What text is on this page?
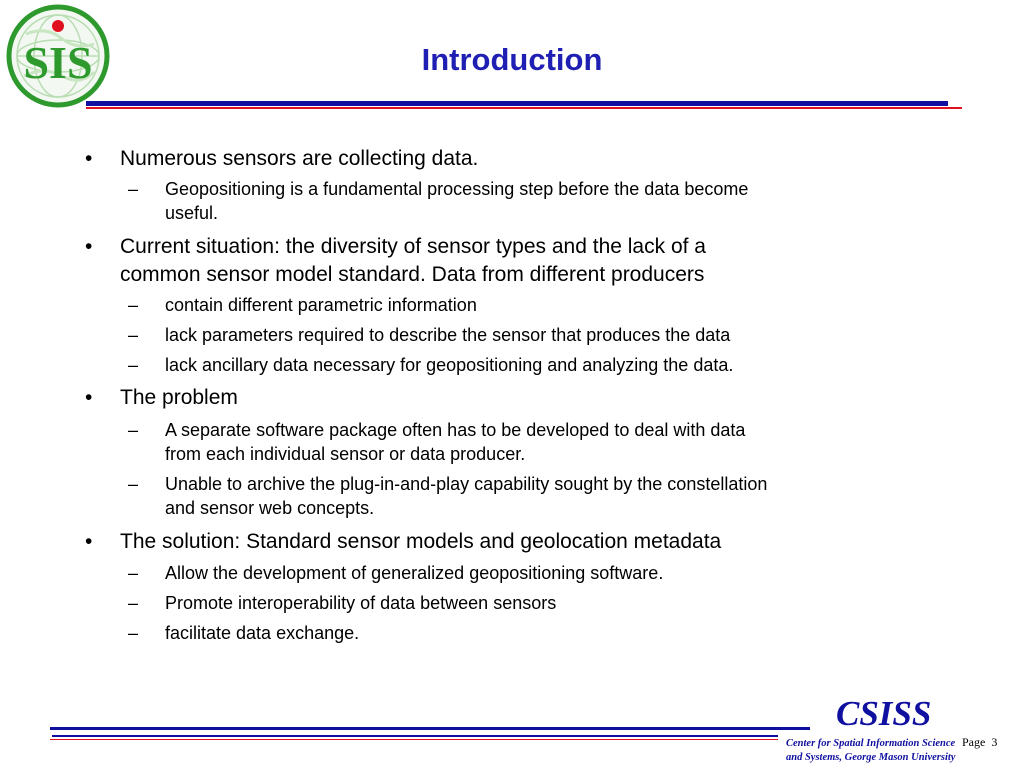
SIS	Introduction
• Numerous sensors are collecting data.
– Geopositioning is a fundamental processing step before the data become
useful.
• Current situation: the diversity of sensor types and the lack of a
common sensor model standard. Data from different producers
– contain different parametric information
– lack parameters required to describe the sensor that produces the data
– lack ancillary data necessary for geopositioning and analyzing the data.
• The problem
– A separate software package often has to be developed to deal with data
from each individual sensor or data producer.
– Unable to archive the plug-in-and-play capability sought by the constellation
and sensor web concepts.
• The solution: Standard sensor models and geolocation metadata
– Allow the development of generalized geopositioning software.
– Promote interoperability of data between sensors
– facilitate data exchange.
CSISS
Center for Spatial Information Science
and Systems, George Mason University
Page 3
